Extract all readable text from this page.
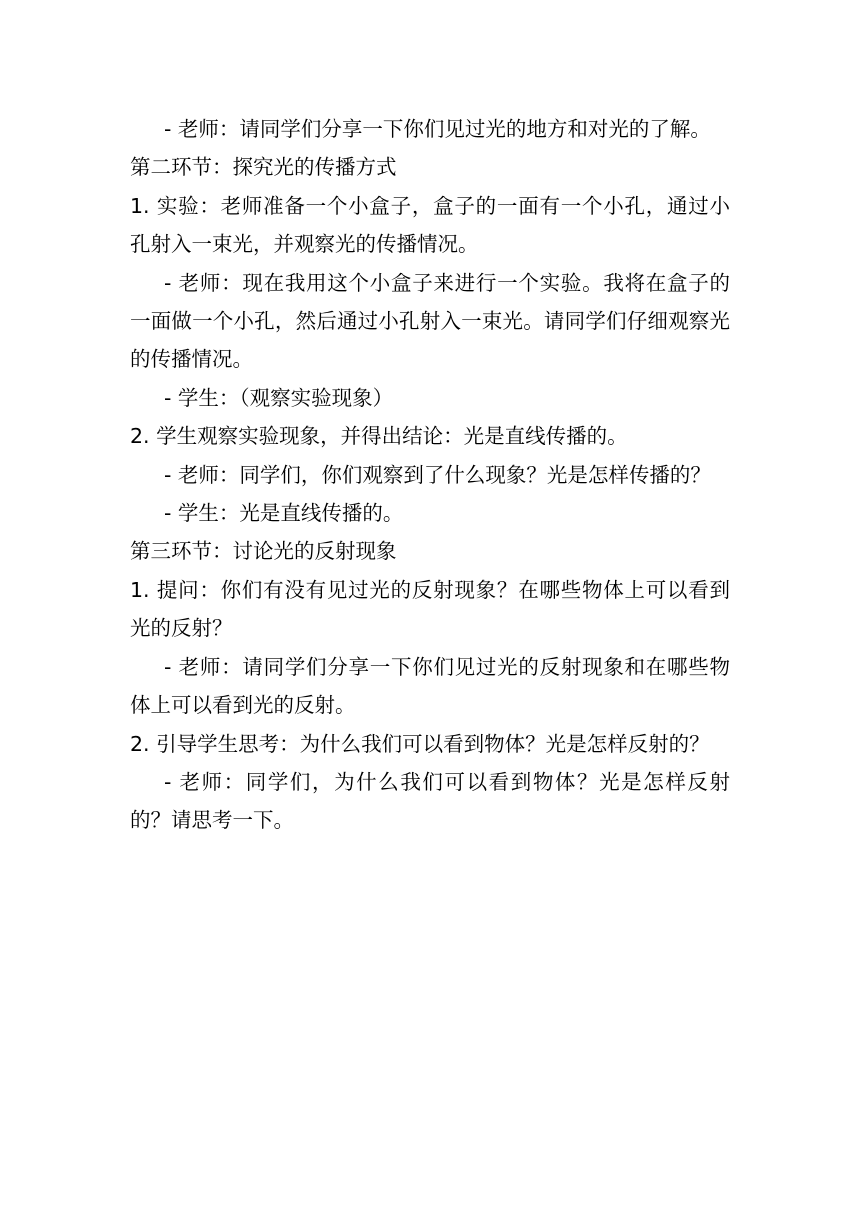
- 老师：请同学们分享一下你们见过光的地方和对光的了解。

第二环节：探究光的传播方式

1. 实验：老师准备一个小盒子，盒子的一面有一个小孔，通过小孔射入一束光，并观察光的传播情况。

- 老师：现在我用这个小盒子来进行一个实验。我将在盒子的一面做一个小孔，然后通过小孔射入一束光。请同学们仔细观察光的传播情况。

- 学生：（观察实验现象）

2. 学生观察实验现象，并得出结论：光是直线传播的。

- 老师：同学们，你们观察到了什么现象？光是怎样传播的？

- 学生：光是直线传播的。

第三环节：讨论光的反射现象

1. 提问：你们有没有见过光的反射现象？在哪些物体上可以看到光的反射？

- 老师：请同学们分享一下你们见过光的反射现象和在哪些物体上可以看到光的反射。

2. 引导学生思考：为什么我们可以看到物体？光是怎样反射的？

- 老师：同学们，为什么我们可以看到物体？光是怎样反射的？请思考一下。
